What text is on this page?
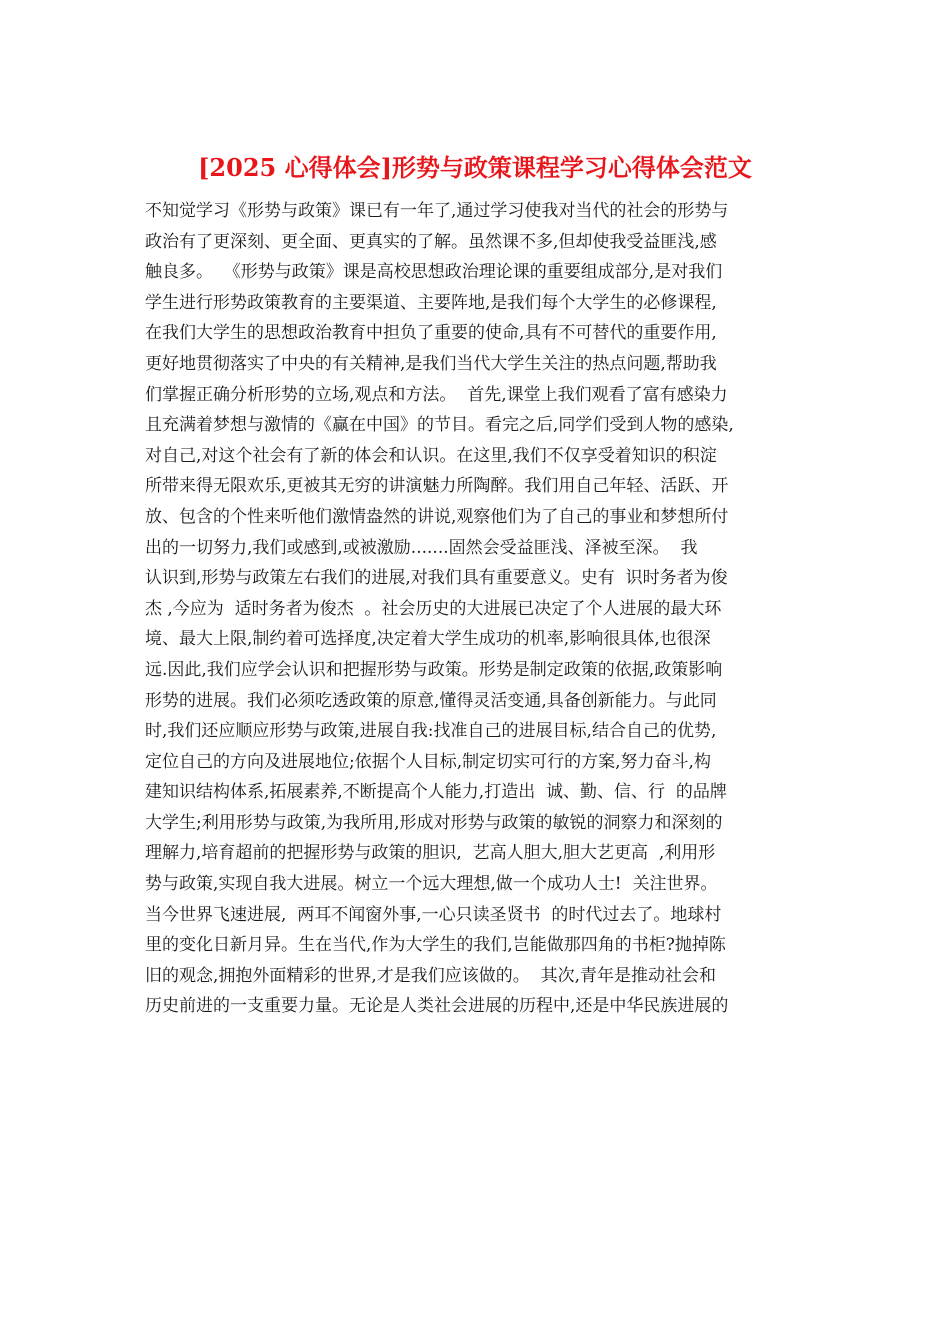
[2025 心得体会]形势与政策课程学习心得体会范文
不知觉学习《形势与政策》课已有一年了,通过学习使我对当代的社会的形势与
政治有了更深刻、更全面、更真实的了解。虽然课不多,但却使我受益匪浅,感
触良多。  《形势与政策》课是高校思想政治理论课的重要组成部分,是对我们
学生进行形势政策教育的主要渠道、主要阵地,是我们每个大学生的必修课程,
在我们大学生的思想政治教育中担负了重要的使命,具有不可替代的重要作用,
更好地贯彻落实了中央的有关精神,是我们当代大学生关注的热点问题,帮助我
们掌握正确分析形势的立场,观点和方法。  首先,课堂上我们观看了富有感染力
且充满着梦想与激情的《赢在中国》的节目。看完之后,同学们受到人物的感染,
对自己,对这个社会有了新的体会和认识。在这里,我们不仅享受着知识的积淀
所带来得无限欢乐,更被其无穷的讲演魅力所陶醉。我们用自己年轻、活跃、开
放、包含的个性来听他们激情盎然的讲说,观察他们为了自己的事业和梦想所付
出的一切努力,我们或感到,或被激励.......固然会受益匪浅、泽被至深。  我
认识到,形势与政策左右我们的进展,对我们具有重要意义。史有  识时务者为俊
杰 ,今应为  适时务者为俊杰  。社会历史的大进展已决定了个人进展的最大环
境、最大上限,制约着可选择度,决定着大学生成功的机率,影响很具体,也很深
远.因此,我们应学会认识和把握形势与政策。形势是制定政策的依据,政策影响
形势的进展。我们必须吃透政策的原意,懂得灵活变通,具备创新能力。与此同
时,我们还应顺应形势与政策,进展自我:找准自己的进展目标,结合自己的优势,
定位自己的方向及进展地位;依据个人目标,制定切实可行的方案,努力奋斗,构
建知识结构体系,拓展素养,不断提高个人能力,打造出  诚、勤、信、行  的品牌
大学生;利用形势与政策,为我所用,形成对形势与政策的敏锐的洞察力和深刻的
理解力,培育超前的把握形势与政策的胆识,  艺高人胆大,胆大艺更高  ,利用形
势与政策,实现自我大进展。树立一个远大理想,做一个成功人士!  关注世界。
当今世界飞速进展,  两耳不闻窗外事,一心只读圣贤书  的时代过去了。地球村
里的变化日新月异。生在当代,作为大学生的我们,岂能做那四角的书柜?抛掉陈
旧的观念,拥抱外面精彩的世界,才是我们应该做的。  其次,青年是推动社会和
历史前进的一支重要力量。无论是人类社会进展的历程中,还是中华民族进展的
